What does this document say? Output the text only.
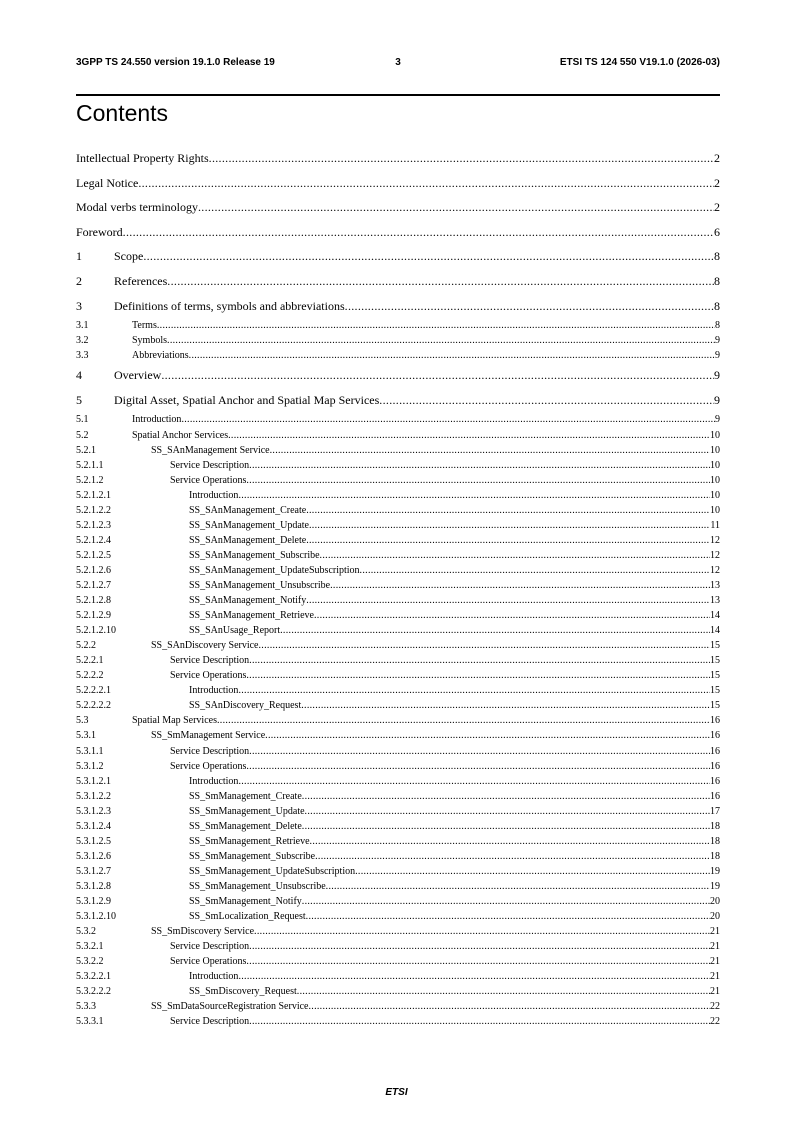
3GPP TS 24.550 version 19.1.0 Release 19	3	ETSI TS 124 550 V19.1.0 (2026-03)
Contents
Intellectual Property Rights .....	2
Legal Notice .....	2
Modal verbs terminology .....	2
Foreword .....	6
1	Scope .....	8
2	References .....	8
3	Definitions of terms, symbols and abbreviations .....	8
3.1	Terms .....	8
3.2	Symbols .....	9
3.3	Abbreviations .....	9
4	Overview .....	9
5	Digital Asset, Spatial Anchor and Spatial Map Services .....	9
5.1	Introduction .....	9
5.2	Spatial Anchor Services .....	10
5.2.1	SS_SAnManagement Service .....	10
5.2.1.1	Service Description .....	10
5.2.1.2	Service Operations .....	10
5.2.1.2.1	Introduction .....	10
5.2.1.2.2	SS_SAnManagement_Create .....	10
5.2.1.2.3	SS_SAnManagement_Update .....	11
5.2.1.2.4	SS_SAnManagement_Delete .....	12
5.2.1.2.5	SS_SAnManagement_Subscribe .....	12
5.2.1.2.6	SS_SAnManagement_UpdateSubscription .....	12
5.2.1.2.7	SS_SAnManagement_Unsubscribe .....	13
5.2.1.2.8	SS_SAnManagement_Notify .....	13
5.2.1.2.9	SS_SAnManagement_Retrieve .....	14
5.2.1.2.10	SS_SAnUsage_Report .....	14
5.2.2	SS_SAnDiscovery Service .....	15
5.2.2.1	Service Description .....	15
5.2.2.2	Service Operations .....	15
5.2.2.2.1	Introduction .....	15
5.2.2.2.2	SS_SAnDiscovery_Request .....	15
5.3	Spatial Map Services .....	16
5.3.1	SS_SmManagement Service .....	16
5.3.1.1	Service Description .....	16
5.3.1.2	Service Operations .....	16
5.3.1.2.1	Introduction .....	16
5.3.1.2.2	SS_SmManagement_Create .....	16
5.3.1.2.3	SS_SmManagement_Update .....	17
5.3.1.2.4	SS_SmManagement_Delete .....	18
5.3.1.2.5	SS_SmManagement_Retrieve .....	18
5.3.1.2.6	SS_SmManagement_Subscribe .....	18
5.3.1.2.7	SS_SmManagement_UpdateSubscription .....	19
5.3.1.2.8	SS_SmManagement_Unsubscribe .....	19
5.3.1.2.9	SS_SmManagement_Notify .....	20
5.3.1.2.10	SS_SmLocalization_Request .....	20
5.3.2	SS_SmDiscovery Service .....	21
5.3.2.1	Service Description .....	21
5.3.2.2	Service Operations .....	21
5.3.2.2.1	Introduction .....	21
5.3.2.2.2	SS_SmDiscovery_Request .....	21
5.3.3	SS_SmDataSourceRegistration Service .....	22
5.3.3.1	Service Description .....	22
ETSI
